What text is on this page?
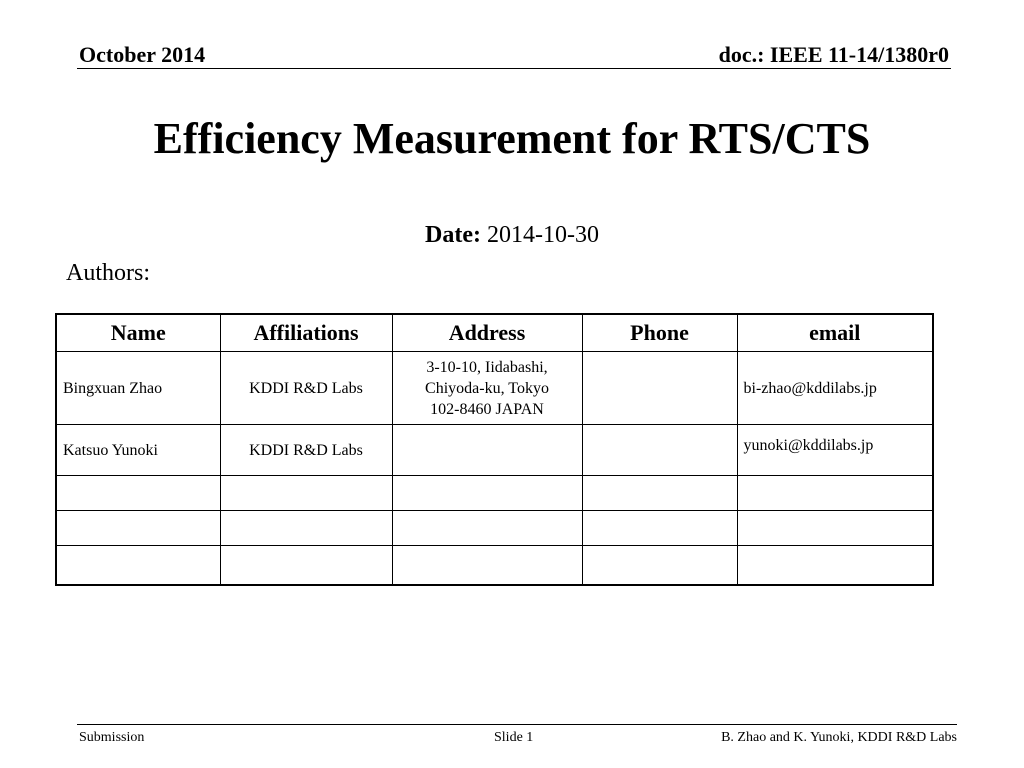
October 2014	doc.: IEEE 11-14/1380r0
Efficiency Measurement for RTS/CTS
Date: 2014-10-30
Authors:
Name	Affiliations	Address	Phone	email
Bingxuan Zhao	KDDI R&D Labs	3-10-10, Iidabashi,
Chiyoda-ku, Tokyo
102-8460 JAPAN		bi-zhao@kddilabs.jp
Katsuo Yunoki	KDDI R&D Labs			yunoki@kddilabs.jp

Submission	Slide 1	B. Zhao and K. Yunoki, KDDI R&D Labs
